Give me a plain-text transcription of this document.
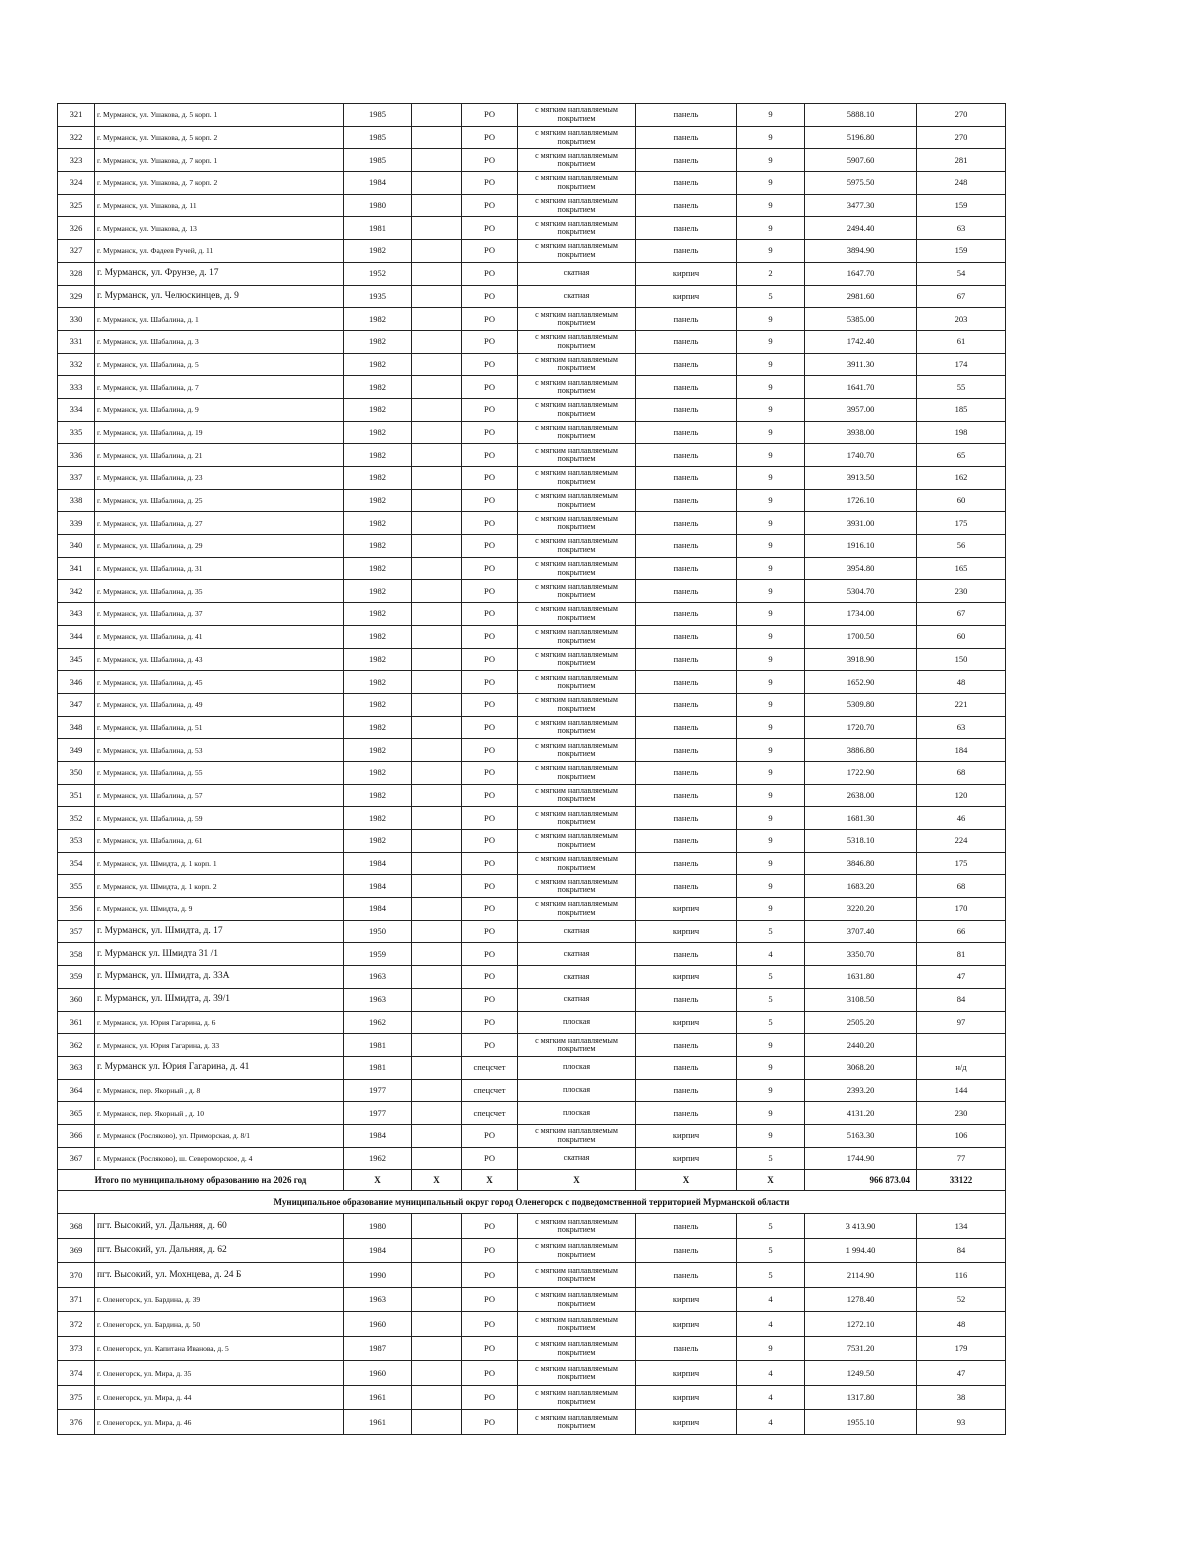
321	г. Мурманск, ул. Ушакова, д. 5 корп. 1	1985		РО	с мягким наплавляемым покрытием	панель	9	5888.10	270
322	г. Мурманск, ул. Ушакова, д. 5 корп. 2	1985		РО	с мягким наплавляемым покрытием	панель	9	5196.80	270
323	г. Мурманск, ул. Ушакова, д. 7 корп. 1	1985		РО	с мягким наплавляемым покрытием	панель	9	5907.60	281
324	г. Мурманск, ул. Ушакова, д. 7 корп. 2	1984		РО	с мягким наплавляемым покрытием	панель	9	5975.50	248
325	г. Мурманск, ул. Ушакова, д. 11	1980		РО	с мягким наплавляемым покрытием	панель	9	3477.30	159
326	г. Мурманск, ул. Ушакова, д. 13	1981		РО	с мягким наплавляемым покрытием	панель	9	2494.40	63
327	г. Мурманск, ул. Фадеев Ручей, д. 11	1982		РО	с мягким наплавляемым покрытием	панель	9	3894.90	159
328	г. Мурманск, ул. Фрунзе, д. 17	1952		РО	скатная	кирпич	2	1647.70	54
329	г. Мурманск, ул. Челюскинцев, д. 9	1935		РО	скатная	кирпич	5	2981.60	67
330	г. Мурманск, ул. Шабалина, д. 1	1982		РО	с мягким наплавляемым покрытием	панель	9	5385.00	203
331	г. Мурманск, ул. Шабалина, д. 3	1982		РО	с мягким наплавляемым покрытием	панель	9	1742.40	61
332	г. Мурманск, ул. Шабалина, д. 5	1982		РО	с мягким наплавляемым покрытием	панель	9	3911.30	174
333	г. Мурманск, ул. Шабалина, д. 7	1982		РО	с мягким наплавляемым покрытием	панель	9	1641.70	55
334	г. Мурманск, ул. Шабалина, д. 9	1982		РО	с мягким наплавляемым покрытием	панель	9	3957.00	185
335	г. Мурманск, ул. Шабалина, д. 19	1982		РО	с мягким наплавляемым покрытием	панель	9	3938.00	198
336	г. Мурманск, ул. Шабалина, д. 21	1982		РО	с мягким наплавляемым покрытием	панель	9	1740.70	65
337	г. Мурманск, ул. Шабалина, д. 23	1982		РО	с мягким наплавляемым покрытием	панель	9	3913.50	162
338	г. Мурманск, ул. Шабалина, д. 25	1982		РО	с мягким наплавляемым покрытием	панель	9	1726.10	60
339	г. Мурманск, ул. Шабалина, д. 27	1982		РО	с мягким наплавляемым покрытием	панель	9	3931.00	175
340	г. Мурманск, ул. Шабалина, д. 29	1982		РО	с мягким наплавляемым покрытием	панель	9	1916.10	56
341	г. Мурманск, ул. Шабалина, д. 31	1982		РО	с мягким наплавляемым покрытием	панель	9	3954.80	165
342	г. Мурманск, ул. Шабалина, д. 35	1982		РО	с мягким наплавляемым покрытием	панель	9	5304.70	230
343	г. Мурманск, ул. Шабалина, д. 37	1982		РО	с мягким наплавляемым покрытием	панель	9	1734.00	67
344	г. Мурманск, ул. Шабалина, д. 41	1982		РО	с мягким наплавляемым покрытием	панель	9	1700.50	60
345	г. Мурманск, ул. Шабалина, д. 43	1982		РО	с мягким наплавляемым покрытием	панель	9	3918.90	150
346	г. Мурманск, ул. Шабалина, д. 45	1982		РО	с мягким наплавляемым покрытием	панель	9	1652.90	48
347	г. Мурманск, ул. Шабалина, д. 49	1982		РО	с мягким наплавляемым покрытием	панель	9	5309.80	221
348	г. Мурманск, ул. Шабалина, д. 51	1982		РО	с мягким наплавляемым покрытием	панель	9	1720.70	63
349	г. Мурманск, ул. Шабалина, д. 53	1982		РО	с мягким наплавляемым покрытием	панель	9	3886.80	184
350	г. Мурманск, ул. Шабалина, д. 55	1982		РО	с мягким наплавляемым покрытием	панель	9	1722.90	68
351	г. Мурманск, ул. Шабалина, д. 57	1982		РО	с мягким наплавляемым покрытием	панель	9	2638.00	120
352	г. Мурманск, ул. Шабалина, д. 59	1982		РО	с мягким наплавляемым покрытием	панель	9	1681.30	46
353	г. Мурманск, ул. Шабалина, д. 61	1982		РО	с мягким наплавляемым покрытием	панель	9	5318.10	224
354	г. Мурманск, ул. Шмидта, д. 1 корп. 1	1984		РО	с мягким наплавляемым покрытием	панель	9	3846.80	175
355	г. Мурманск, ул. Шмидта, д. 1 корп. 2	1984		РО	с мягким наплавляемым покрытием	панель	9	1683.20	68
356	г. Мурманск, ул. Шмидта, д. 9	1984		РО	с мягким наплавляемым покрытием	кирпич	9	3220.20	170
357	г. Мурманск, ул. Шмидта, д. 17	1950		РО	скатная	кирпич	5	3707.40	66
358	г. Мурманск ул. Шмидта 31 /1	1959		РО	скатная	панель	4	3350.70	81
359	г. Мурманск, ул. Шмидта, д. 33А	1963		РО	скатная	кирпич	5	1631.80	47
360	г. Мурманск, ул. Шмидта, д. 39/1	1963		РО	скатная	панель	5	3108.50	84
361	г. Мурманск, ул. Юрия Гагарина, д. 6	1962		РО	плоская	кирпич	5	2505.20	97
362	г. Мурманск, ул. Юрия Гагарина, д. 33	1981		РО	с мягким наплавляемым покрытием	панель	9	2440.20	
363	г. Мурманск ул. Юрия Гагарина, д. 41	1981		спецсчет	плоская	панель	9	3068.20	н/д
364	г. Мурманск, пер. Якорный , д. 8	1977		спецсчет	плоская	панель	9	2393.20	144
365	г. Мурманск, пер. Якорный , д. 10	1977		спецсчет	плоская	панель	9	4131.20	230
366	г. Мурманск (Росляково), ул. Приморская, д. 8/1	1984		РО	с мягким наплавляемым покрытием	кирпич	9	5163.30	106
367	г. Мурманск (Росляково), ш. Североморское, д. 4	1962		РО	скатная	кирпич	5	1744.90	77
Итого по муниципальному образованию на 2026 год		Х	Х	Х	Х	Х	Х	966 873.04	33122
Муниципальное образование муниципальный округ город Оленегорск с подведомственной территорией Мурманской области									
368	пгт. Высокий, ул. Дальняя, д. 60	1980		РО	с мягким наплавляемым покрытием	панель	5	3 413.90	134
369	пгт. Высокий, ул. Дальняя, д. 62	1984		РО	с мягким наплавляемым покрытием	панель	5	1 994.40	84
370	пгт. Высокий, ул. Мохнцева, д. 24 Б	1990		РО	с мягким наплавляемым покрытием	панель	5	2114.90	116
371	г. Оленегорск, ул. Бардина, д. 39	1963		РО	с мягким наплавляемым покрытием	кирпич	4	1278.40	52
372	г. Оленегорск, ул. Бардина, д. 50	1960		РО	с мягким наплавляемым покрытием	кирпич	4	1272.10	48
373	г. Оленегорск, ул. Капитана Иванова, д. 5	1987		РО	с мягким наплавляемым покрытием	панель	9	7531.20	179
374	г. Оленегорск, ул. Мира, д. 35	1960		РО	с мягким наплавляемым покрытием	кирпич	4	1249.50	47
375	г. Оленегорск, ул. Мира, д. 44	1961		РО	с мягким наплавляемым покрытием	кирпич	4	1317.80	38
376	г. Оленегорск, ул. Мира, д. 46	1961		РО	с мягким наплавляемым покрытием	кирпич	4	1955.10	93
